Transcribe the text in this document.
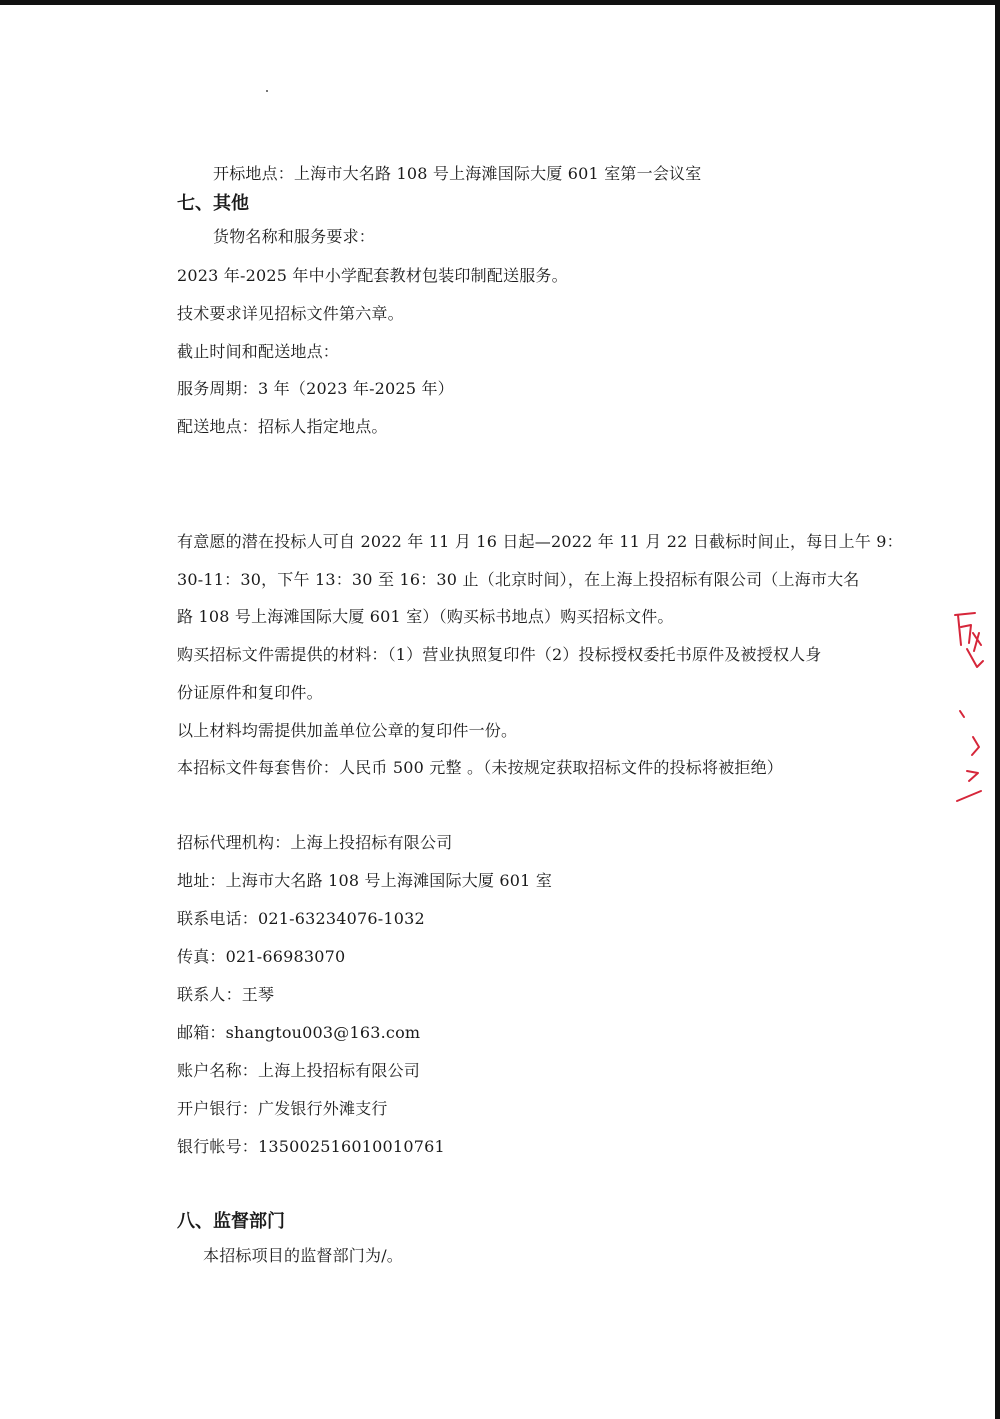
开标地点：上海市大名路 108 号上海滩国际大厦 601 室第一会议室
七、其他
货物名称和服务要求：
2023 年-2025 年中小学配套教材包装印制配送服务。
技术要求详见招标文件第六章。
截止时间和配送地点：
服务周期：3 年（2023 年-2025 年）
配送地点：招标人指定地点。
有意愿的潜在投标人可自 2022 年 11 月 16 日起—2022 年 11 月 22 日截标时间止，每日上午 9：
30-11：30，下午 13：30 至 16：30 止（北京时间），在上海上投招标有限公司（上海市大名
路 108 号上海滩国际大厦 601 室）（购买标书地点）购买招标文件。
购买招标文件需提供的材料：（1）营业执照复印件（2）投标授权委托书原件及被授权人身
份证原件和复印件。
以上材料均需提供加盖单位公章的复印件一份。
本招标文件每套售价：人民币 500 元整 。（未按规定获取招标文件的投标将被拒绝）
招标代理机构：上海上投招标有限公司
地址：上海市大名路 108 号上海滩国际大厦 601 室
联系电话：021-63234076-1032
传真：021-66983070
联系人：王琴
邮箱：shangtou003@163.com
账户名称：上海上投招标有限公司
开户银行：广发银行外滩支行
银行帐号：135002516010010761
八、监督部门
本招标项目的监督部门为/。
